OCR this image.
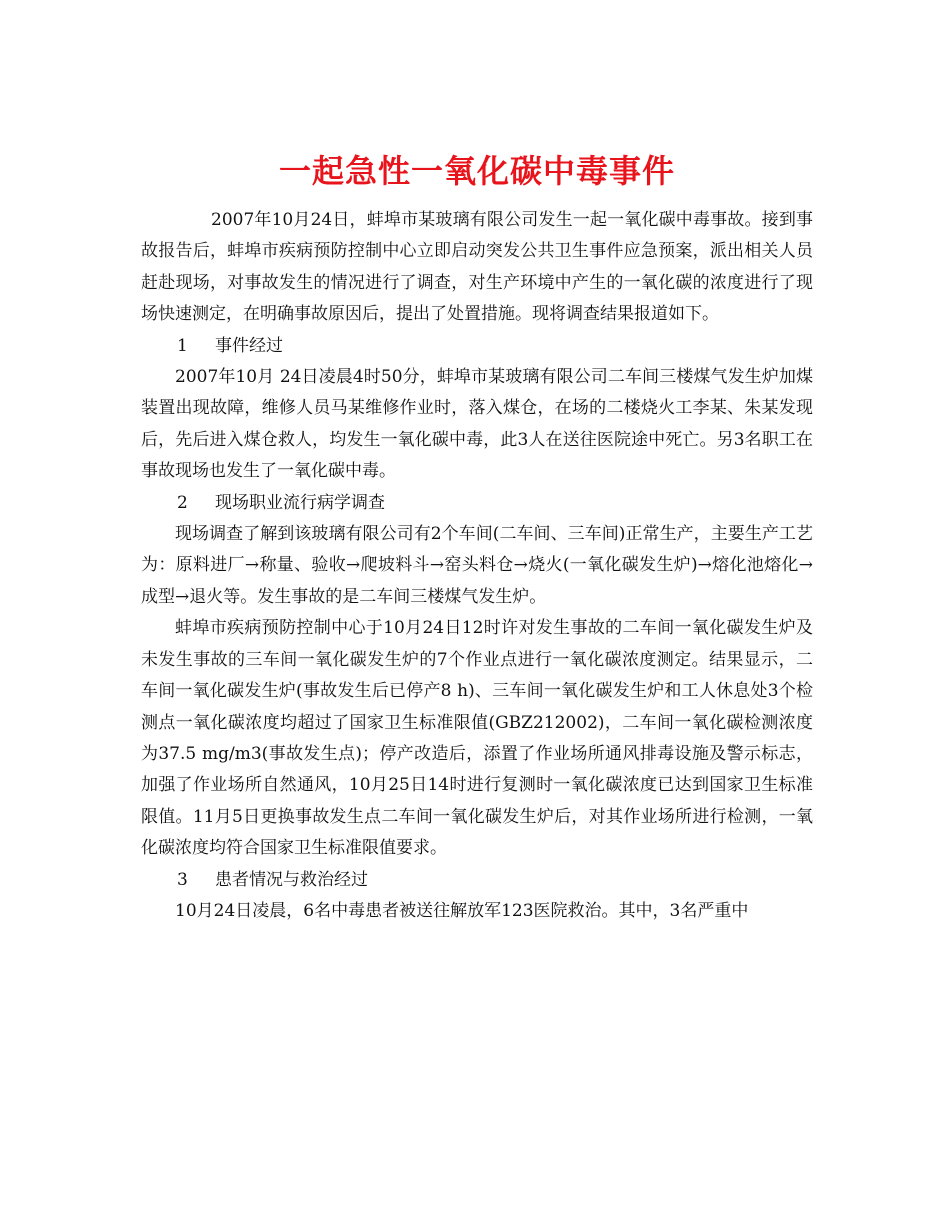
一起急性一氧化碳中毒事件

2007年10月24日，蚌埠市某玻璃有限公司发生一起一氧化碳中毒事故。接到事故报告后，蚌埠市疾病预防控制中心立即启动突发公共卫生事件应急预案，派出相关人员赶赴现场，对事故发生的情况进行了调查，对生产环境中产生的一氧化碳的浓度进行了现场快速测定，在明确事故原因后，提出了处置措施。现将调查结果报道如下。

1 事件经过

2007年10月 24日凌晨4时50分，蚌埠市某玻璃有限公司二车间三楼煤气发生炉加煤装置出现故障，维修人员马某维修作业时，落入煤仓，在场的二楼烧火工李某、朱某发现后，先后进入煤仓救人，均发生一氧化碳中毒，此3人在送往医院途中死亡。另3名职工在事故现场也发生了一氧化碳中毒。

2 现场职业流行病学调查

现场调查了解到该玻璃有限公司有2个车间(二车间、三车间)正常生产，主要生产工艺为：原料进厂→称量、验收→爬坡料斗→窑头料仓→烧火(一氧化碳发生炉)→熔化池熔化→成型→退火等。发生事故的是二车间三楼煤气发生炉。

蚌埠市疾病预防控制中心于10月24日12时许对发生事故的二车间一氧化碳发生炉及未发生事故的三车间一氧化碳发生炉的7个作业点进行一氧化碳浓度测定。结果显示，二车间一氧化碳发生炉(事故发生后已停产8 h)、三车间一氧化碳发生炉和工人休息处3个检测点一氧化碳浓度均超过了国家卫生标准限值(GBZ212002)，二车间一氧化碳检测浓度为37.5 mg/m3(事故发生点)；停产改造后，添置了作业场所通风排毒设施及警示标志，加强了作业场所自然通风，10月25日14时进行复测时一氧化碳浓度已达到国家卫生标准限值。11月5日更换事故发生点二车间一氧化碳发生炉后，对其作业场所进行检测，一氧化碳浓度均符合国家卫生标准限值要求。

3 患者情况与救治经过

10月24日凌晨，6名中毒患者被送往解放军123医院救治。其中，3名严重中
